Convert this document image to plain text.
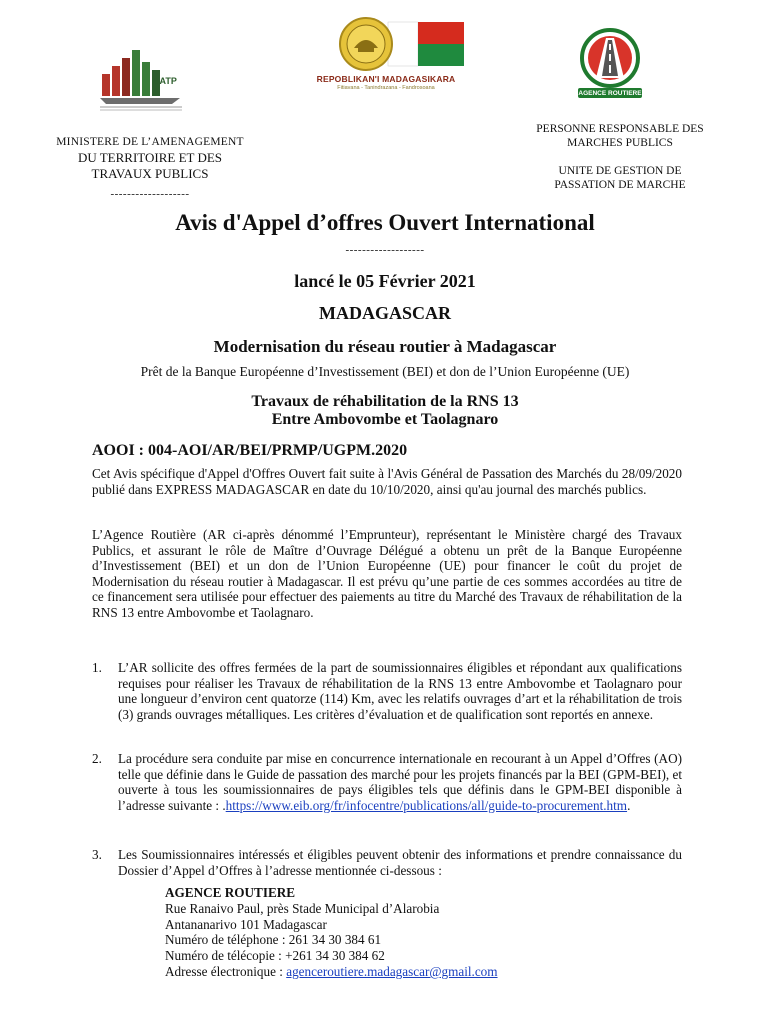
MATP	REPOBLIKAN'I MADAGASIKARA
Fitiavana - Tanindrazana - Fandrosoana
AGENCE ROUTIERE
MINISTERE DE L’AMENAGEMENT
DU TERRITOIRE ET DES
TRAVAUX PUBLICS
-------------------
PERSONNE RESPONSABLE DES
MARCHES PUBLICS
UNITE DE GESTION DE
PASSATION DE MARCHE
Avis d'Appel d’offres Ouvert International
-------------------
lancé le 05 Février 2021
MADAGASCAR
Modernisation du réseau routier à Madagascar
Prêt de la Banque Européenne d’Investissement (BEI) et don de l’Union Européenne (UE)
Travaux de réhabilitation de la RNS 13
Entre Ambovombe et Taolagnaro
AOOI : 004-AOI/AR/BEI/PRMP/UGPM.2020
Cet Avis spécifique d'Appel d'Offres Ouvert fait suite à l'Avis Général de Passation des Marchés du 28/09/2020 publié dans EXPRESS MADAGASCAR en date du 10/10/2020, ainsi qu'au journal des marchés publics.
L’Agence Routière (AR ci-après dénommé l’Emprunteur), représentant le Ministère chargé des Travaux Publics, et assurant le rôle de Maître d’Ouvrage Délégué a obtenu un prêt de la Banque Européenne d’Investissement (BEI) et un don de l’Union Européenne (UE) pour financer le coût du projet de Modernisation du réseau routier à Madagascar. Il est prévu qu’une partie de ces sommes accordées au titre de ce financement sera utilisée pour effectuer des paiements au titre du Marché des Travaux de réhabilitation de la RNS 13 entre Ambovombe et Taolagnaro.
1.	L’AR sollicite des offres fermées de la part de soumissionnaires éligibles et répondant aux qualifications requises pour réaliser les Travaux de réhabilitation de la RNS 13 entre Ambovombe et Taolagnaro pour une longueur d’environ cent quatorze (114) Km, avec les relatifs ouvrages d’art et la réhabilitation de trois (3) grands ouvrages métalliques. Les critères d’évaluation et de qualification sont reportés en annexe.
2.	La procédure sera conduite par mise en concurrence internationale en recourant à un Appel d’Offres (AO) telle que définie dans le Guide de passation des marché pour les projets financés par la BEI (GPM-BEI), et ouverte à tous les soumissionnaires de pays éligibles tels que définis dans le GPM-BEI disponible à l’adresse suivante : .https://www.eib.org/fr/infocentre/publications/all/guide-to-procurement.htm.
3.	Les Soumissionnaires intéressés et éligibles peuvent obtenir des informations et prendre connaissance du Dossier d’Appel d’Offres à l’adresse mentionnée ci-dessous :
AGENCE ROUTIERE
Rue Ranaivo Paul, près Stade Municipal d’Alarobia
Antananarivo 101 Madagascar
Numéro de téléphone : 261 34 30 384 61
Numéro de télécopie : +261 34 30 384 62
Adresse électronique : agenceroutiere.madagascar@gmail.com
